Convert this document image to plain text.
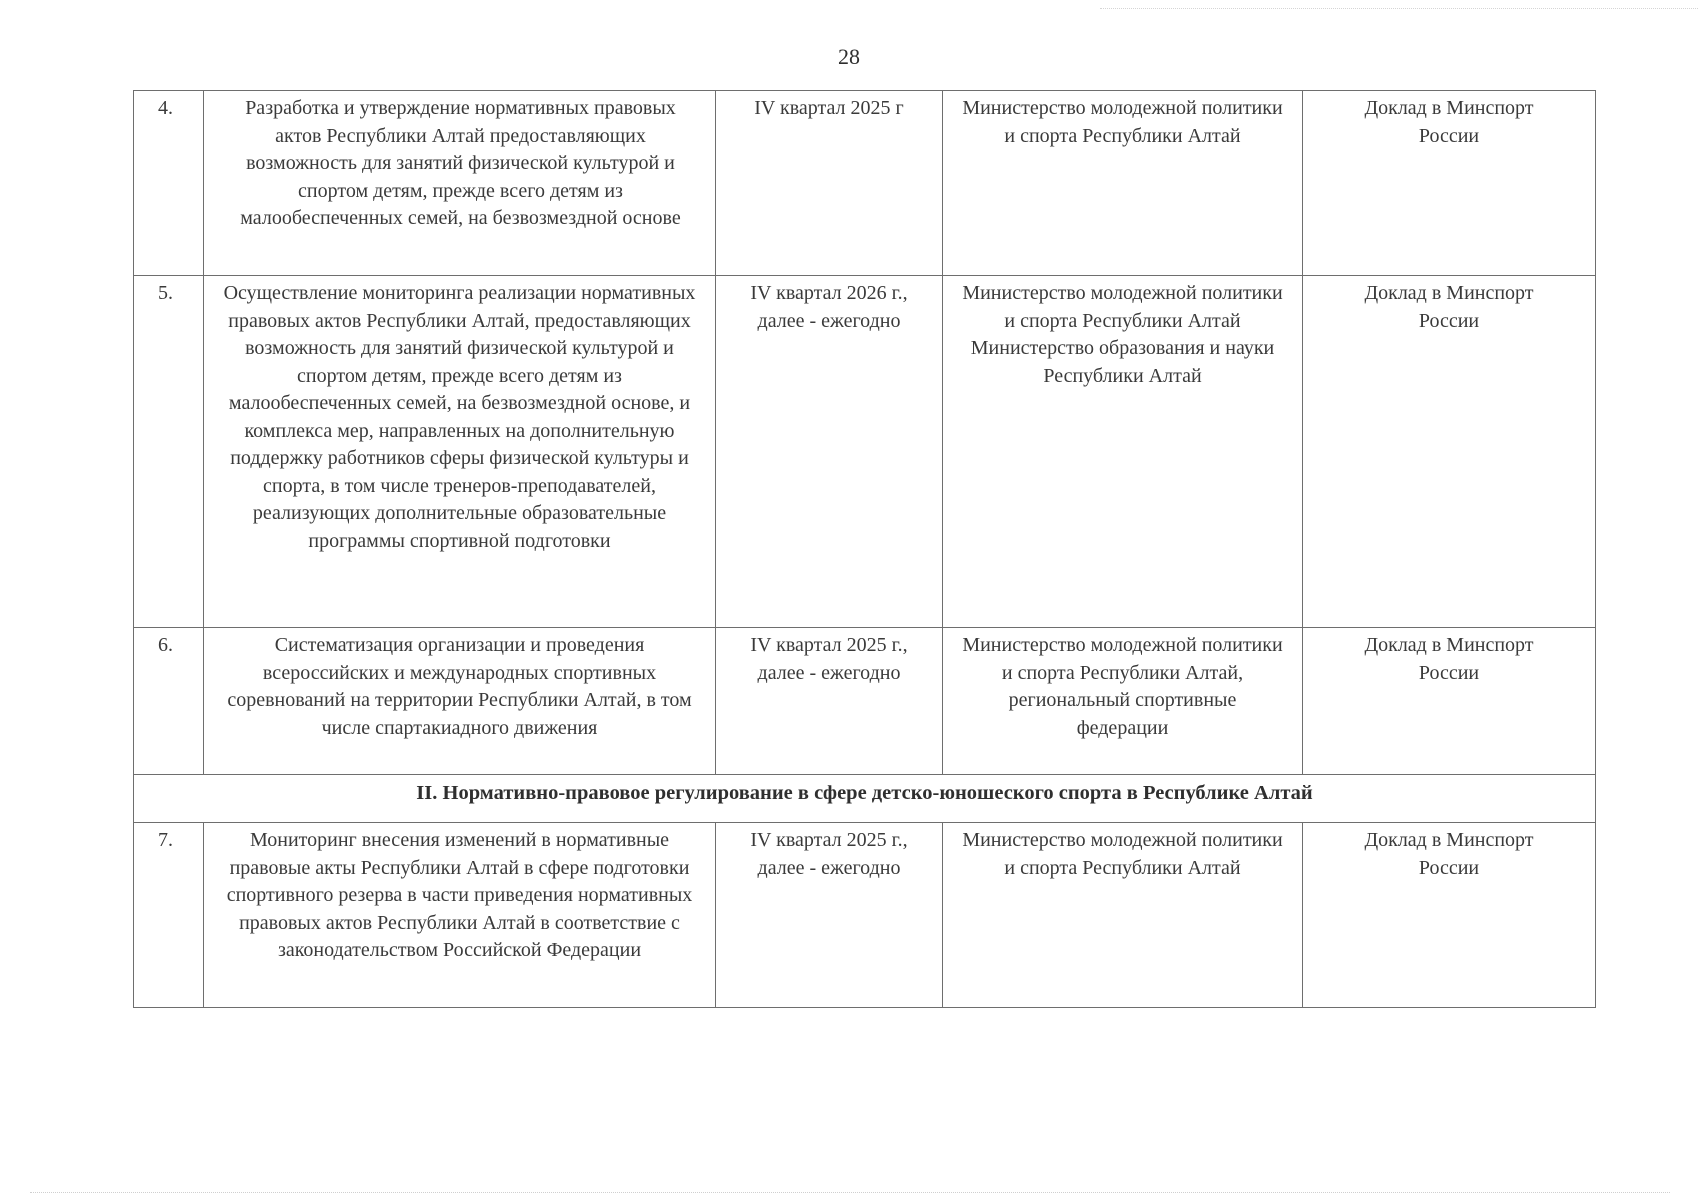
28
4.	Разработка и утверждение нормативных правовых актов Республики Алтай предоставляющих возможность для занятий физической культурой и спортом детям, прежде всего детям из малообеспеченных семей, на безвозмездной основе	IV квартал 2025 г	Министерство молодежной политики и спорта Республики Алтай	Доклад в Минспорт России
5.	Осуществление мониторинга реализации нормативных правовых актов Республики Алтай, предоставляющих возможность для занятий физической культурой и спортом детям, прежде всего детям из малообеспеченных семей, на безвозмездной основе, и комплекса мер, направленных на дополнительную поддержку работников сферы физической культуры и спорта, в том числе тренеров-преподавателей, реализующих дополнительные образовательные программы спортивной подготовки	IV квартал 2026 г., далее - ежегодно	Министерство молодежной политики и спорта Республики Алтай Министерство образования и науки Республики Алтай	Доклад в Минспорт России
6.	Систематизация организации и проведения всероссийских и международных спортивных соревнований на территории Республики Алтай, в том числе спартакиадного движения	IV квартал 2025 г., далее - ежегодно	Министерство молодежной политики и спорта Республики Алтай, региональный спортивные федерации	Доклад в Минспорт России
II. Нормативно-правовое регулирование в сфере детско-юношеского спорта в Республике Алтай				
7.	Мониторинг внесения изменений в нормативные правовые акты Республики Алтай в сфере подготовки спортивного резерва в части приведения нормативных правовых актов Республики Алтай в соответствие с законодательством Российской Федерации	IV квартал 2025 г., далее - ежегодно	Министерство молодежной политики и спорта Республики Алтай	Доклад в Минспорт России
